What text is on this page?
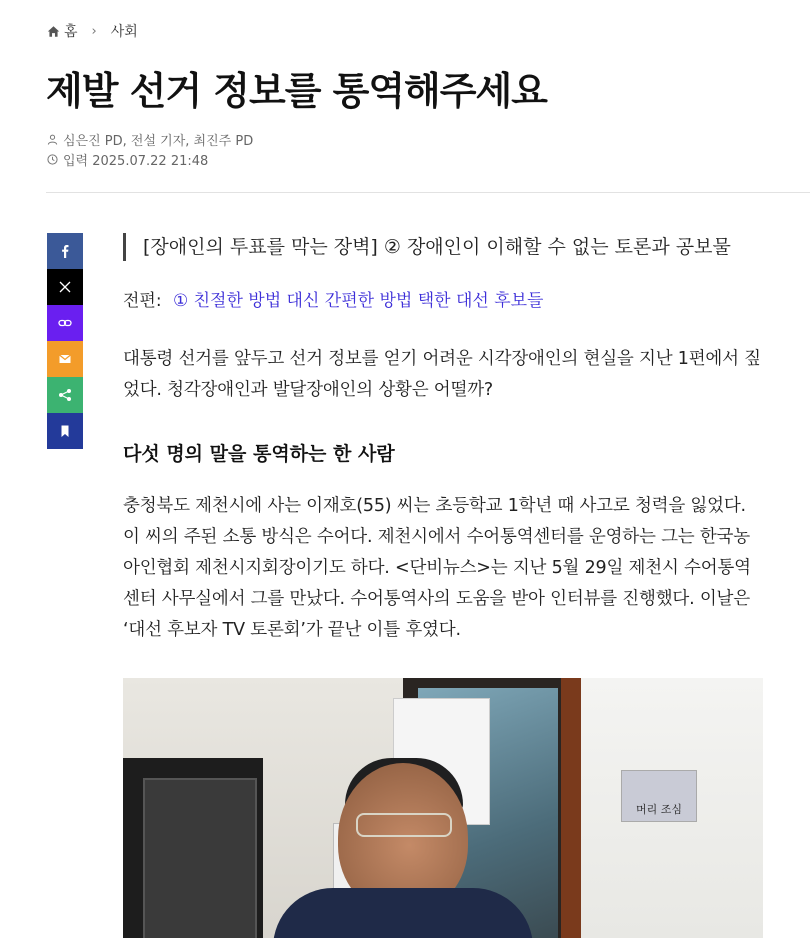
홈 › 사회
제발 선거 정보를 통역해주세요
심은진 PD, 전설 기자, 최진주 PD
입력 2025.07.22 21:48
[장애인의 투표를 막는 장벽] ② 장애인이 이해할 수 없는 토론과 공보물
전편: ① 친절한 방법 대신 간편한 방법 택한 대선 후보들

대통령 선거를 앞두고 선거 정보를 얻기 어려운 시각장애인의 현실을 지난 1편에서 짚었다. 청각장애인과 발달장애인의 상황은 어떨까?

다섯 명의 말을 통역하는 한 사람

충청북도 제천시에 사는 이재호(55) 씨는 초등학교 1학년 때 사고로 청력을 잃었다. 이 씨의 주된 소통 방식은 수어다. 제천시에서 수어통역센터를 운영하는 그는 한국농아인협회 제천시지회장이기도 하다. <단비뉴스>는 지난 5월 29일 제천시 수어통역센터 사무실에서 그를 만났다. 수어통역사의 도움을 받아 인터뷰를 진행했다. 이날은 ‘대선 후보자 TV 토론회’가 끝난 이틀 후였다.

머리 조심
